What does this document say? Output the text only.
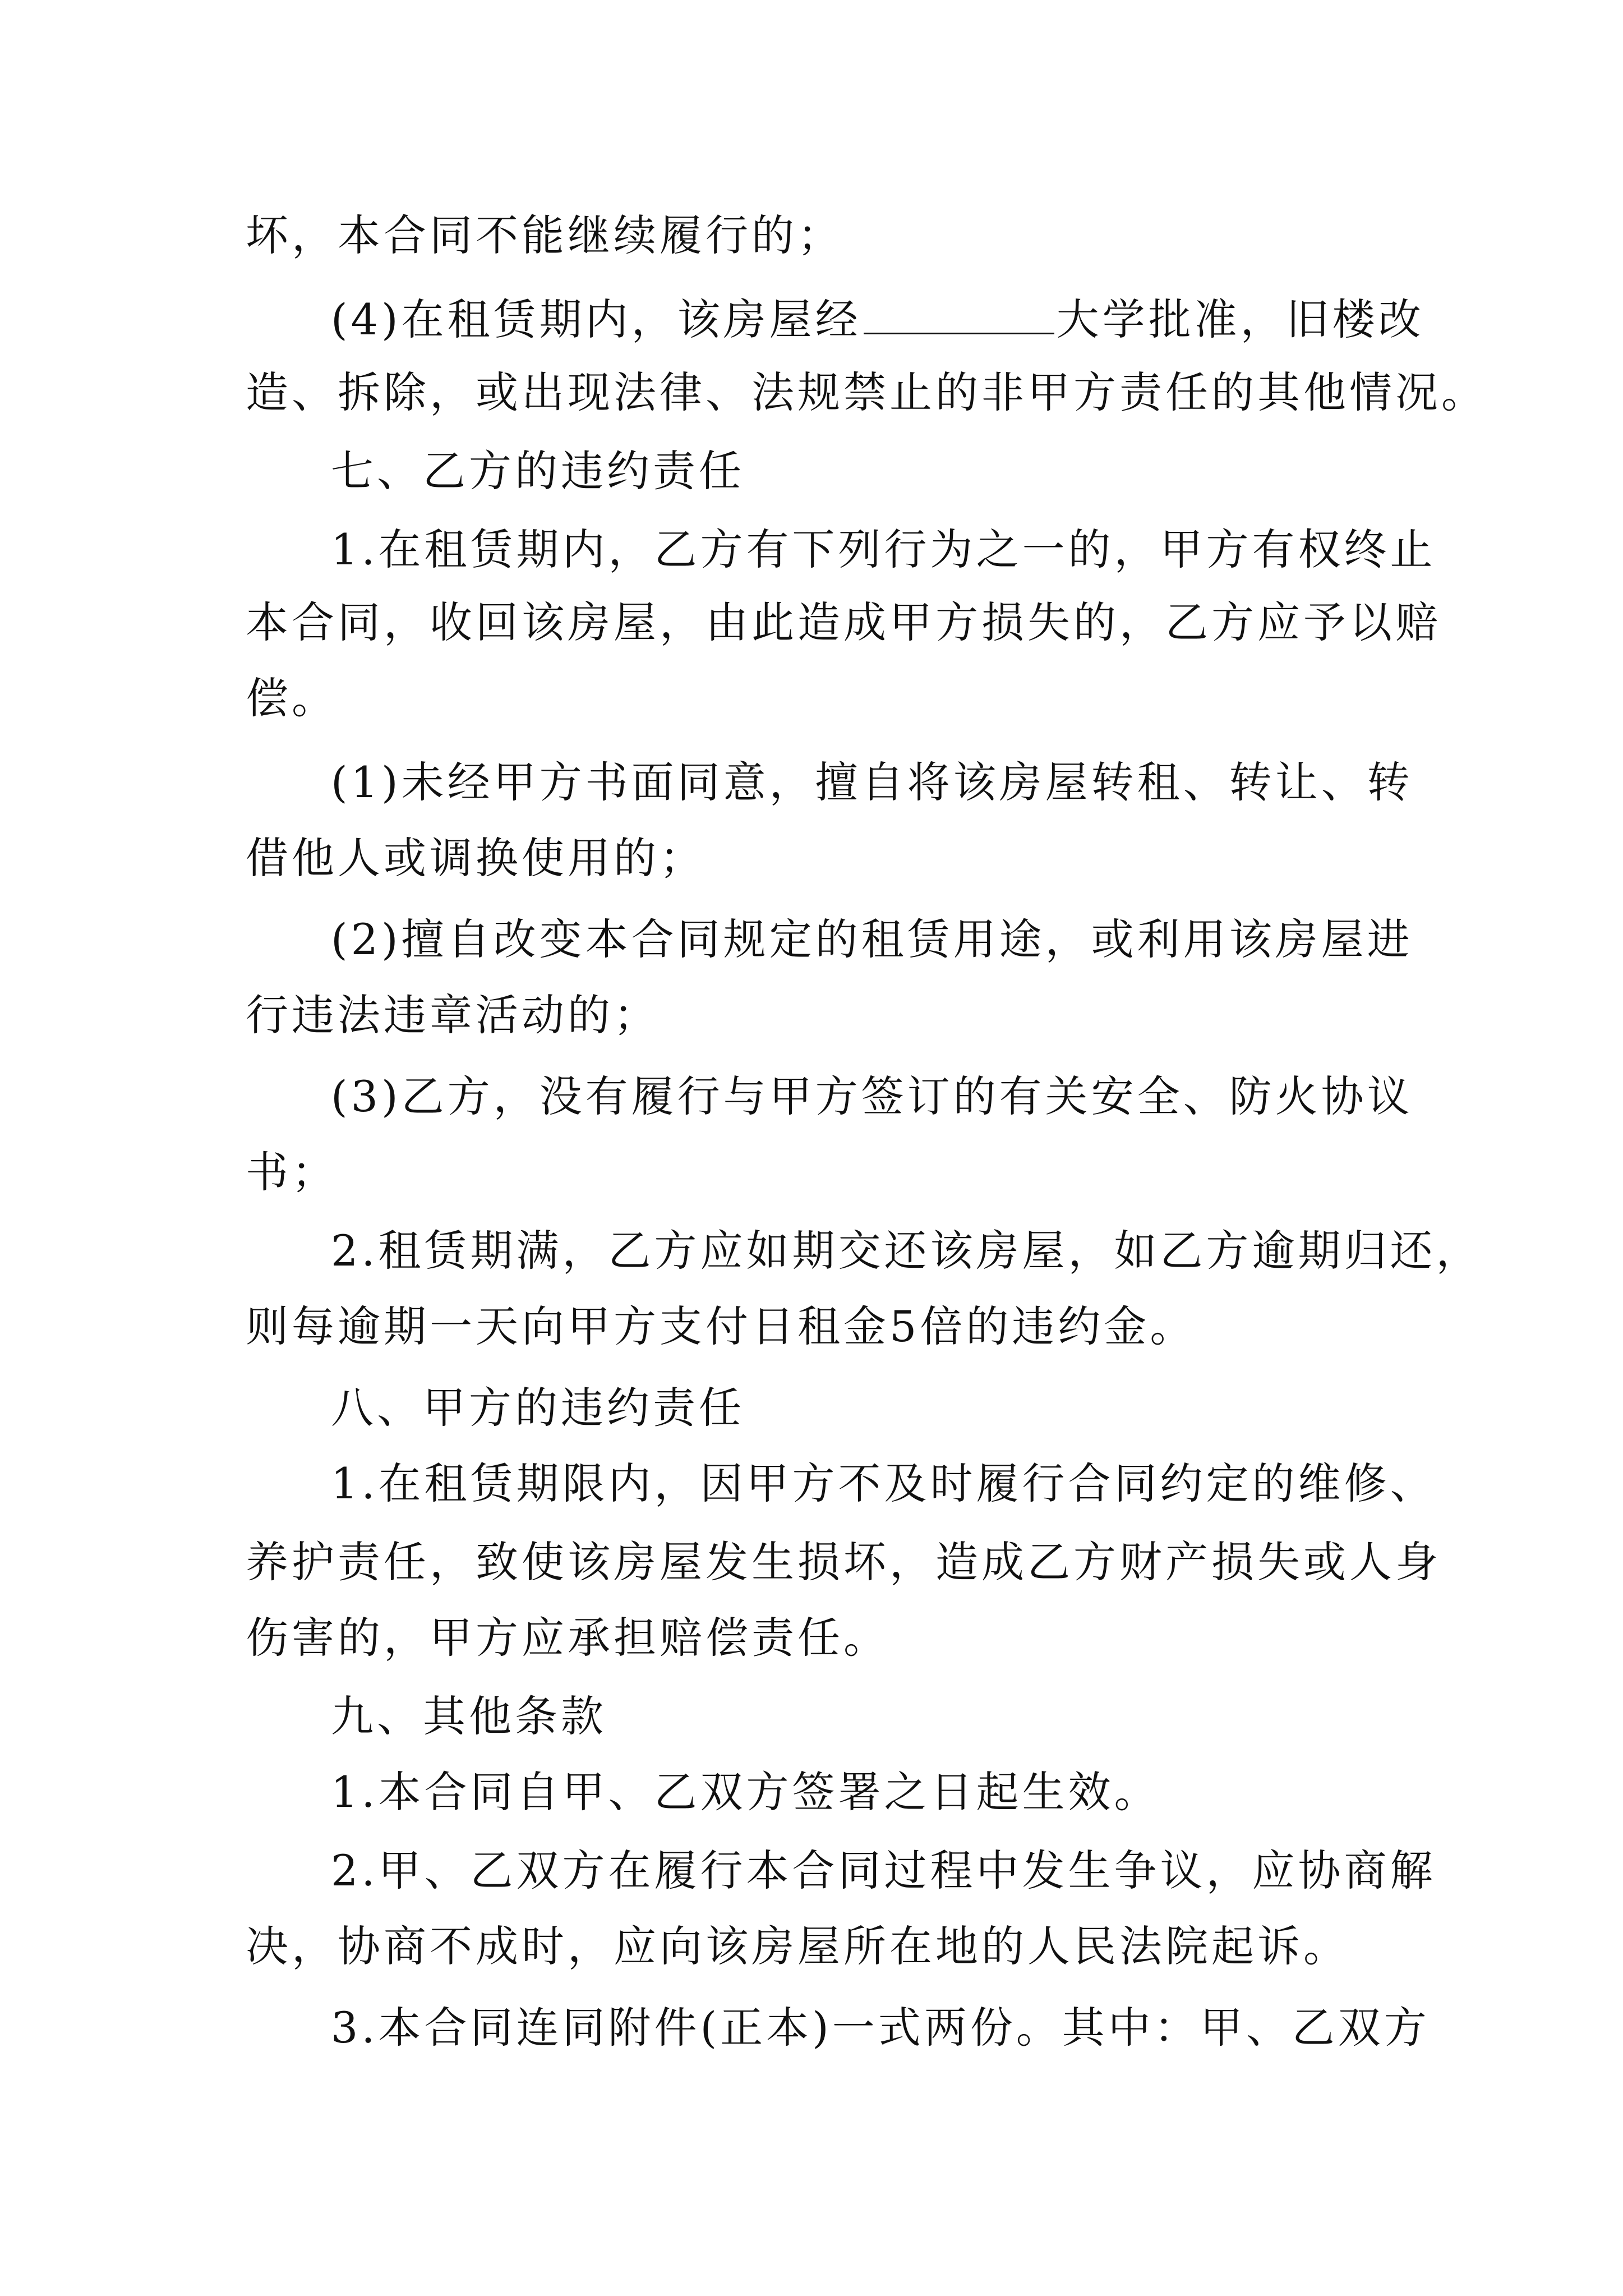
坏，本合同不能继续履行的；
(4)在租赁期内，该房屋经	大学批准，旧楼改
造、拆除，或出现法律、法规禁止的非甲方责任的其他情况。
七、乙方的违约责任
1.在租赁期内，乙方有下列行为之一的，甲方有权终止
本合同，收回该房屋，由此造成甲方损失的，乙方应予以赔
偿。
(1)未经甲方书面同意，擅自将该房屋转租、转让、转
借他人或调换使用的；
(2)擅自改变本合同规定的租赁用途，或利用该房屋进
行违法违章活动的；
(3)乙方，没有履行与甲方签订的有关安全、防火协议
书；
2.租赁期满，乙方应如期交还该房屋，如乙方逾期归还，
则每逾期一天向甲方支付日租金5倍的违约金。
八、甲方的违约责任
1.在租赁期限内，因甲方不及时履行合同约定的维修、
养护责任，致使该房屋发生损坏，造成乙方财产损失或人身
伤害的，甲方应承担赔偿责任。
九、其他条款
1.本合同自甲、乙双方签署之日起生效。
2.甲、乙双方在履行本合同过程中发生争议，应协商解
决，协商不成时，应向该房屋所在地的人民法院起诉。
3.本合同连同附件(正本)一式两份。其中：甲、乙双方
